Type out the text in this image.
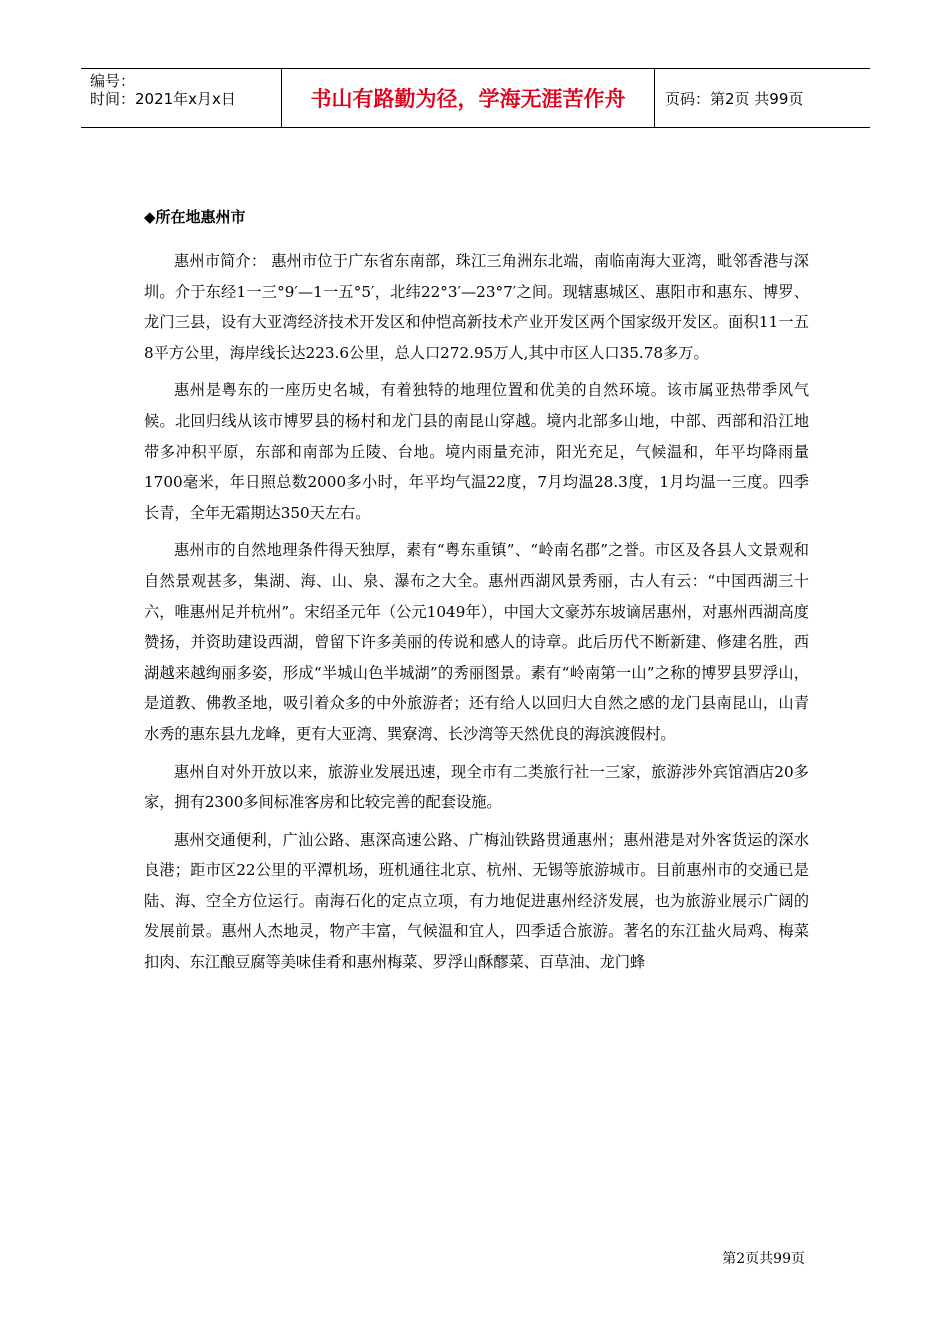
编号：
时间：2021年x月x日	书山有路勤为径，学海无涯苦作舟	页码：第2页 共99页
◆所在地惠州市

惠州市简介： 惠州市位于广东省东南部，珠江三角洲东北端，南临南海大亚湾，毗邻香港与深圳。介于东经1一三°9′—1一五°5′，北纬22°3′—23°7′之间。现辖惠城区、惠阳市和惠东、博罗、龙门三县，设有大亚湾经济技术开发区和仲恺高新技术产业开发区两个国家级开发区。面积11一五8平方公里，海岸线长达223.6公里，总人口272.95万人,其中市区人口35.78多万。

惠州是粤东的一座历史名城，有着独特的地理位置和优美的自然环境。该市属亚热带季风气候。北回归线从该市博罗县的杨村和龙门县的南昆山穿越。境内北部多山地，中部、西部和沿江地带多冲积平原，东部和南部为丘陵、台地。境内雨量充沛，阳光充足，气候温和，年平均降雨量1700毫米，年日照总数2000多小时，年平均气温22度，7月均温28.3度，1月均温一三度。四季长青，全年无霜期达350天左右。

惠州市的自然地理条件得天独厚，素有“粤东重镇”、“岭南名郡”之誉。市区及各县人文景观和自然景观甚多，集湖、海、山、泉、瀑布之大全。惠州西湖风景秀丽，古人有云：“中国西湖三十六，唯惠州足并杭州”。宋绍圣元年（公元1049年），中国大文豪苏东坡谪居惠州，对惠州西湖高度赞扬，并资助建设西湖，曾留下许多美丽的传说和感人的诗章。此后历代不断新建、修建名胜，西湖越来越绚丽多姿，形成“半城山色半城湖”的秀丽图景。素有“岭南第一山”之称的博罗县罗浮山，是道教、佛教圣地，吸引着众多的中外旅游者；还有给人以回归大自然之感的龙门县南昆山，山青水秀的惠东县九龙峰，更有大亚湾、巽寮湾、长沙湾等天然优良的海滨渡假村。

惠州自对外开放以来，旅游业发展迅速，现全市有二类旅行社一三家，旅游涉外宾馆酒店20多家，拥有2300多间标准客房和比较完善的配套设施。

惠州交通便利，广汕公路、惠深高速公路、广梅汕铁路贯通惠州；惠州港是对外客货运的深水良港；距市区22公里的平潭机场，班机通往北京、杭州、无锡等旅游城市。目前惠州市的交通已是陆、海、空全方位运行。南海石化的定点立项，有力地促进惠州经济发展，也为旅游业展示广阔的发展前景。惠州人杰地灵，物产丰富，气候温和宜人，四季适合旅游。著名的东江盐火局鸡、梅菜扣肉、东江酿豆腐等美味佳肴和惠州梅菜、罗浮山酥醪菜、百草油、龙门蜂

第2页共99页
